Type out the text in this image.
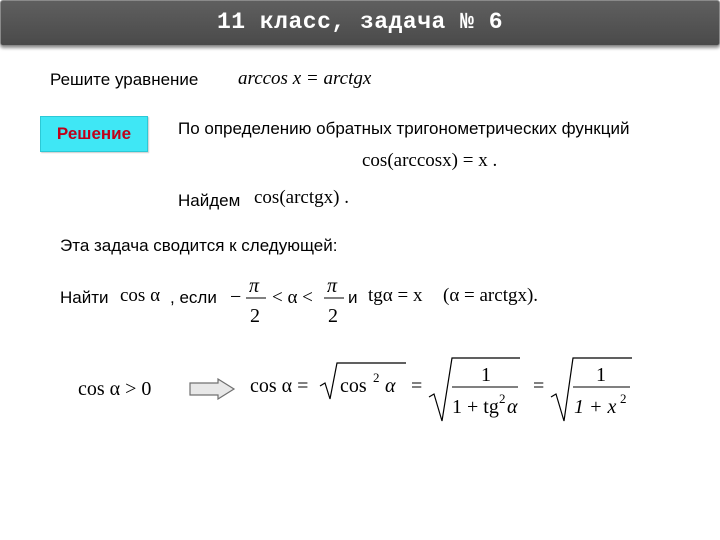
11 класс, задача № 6
Решите уравнение arccos x = arctgx
Решение	По определению обратных тригонометрических функций
cos(arccosx) = x .
Найдем cos(arctgx) .
Эта задача сводится к следующей:
Найти cos α , если − π
2
< α <
π
2
и tgα = x (α = arctgx).
cos α > 0	cos α = cos 2 α =	1
1 + tg 2 α
=	1
1 + x 2
